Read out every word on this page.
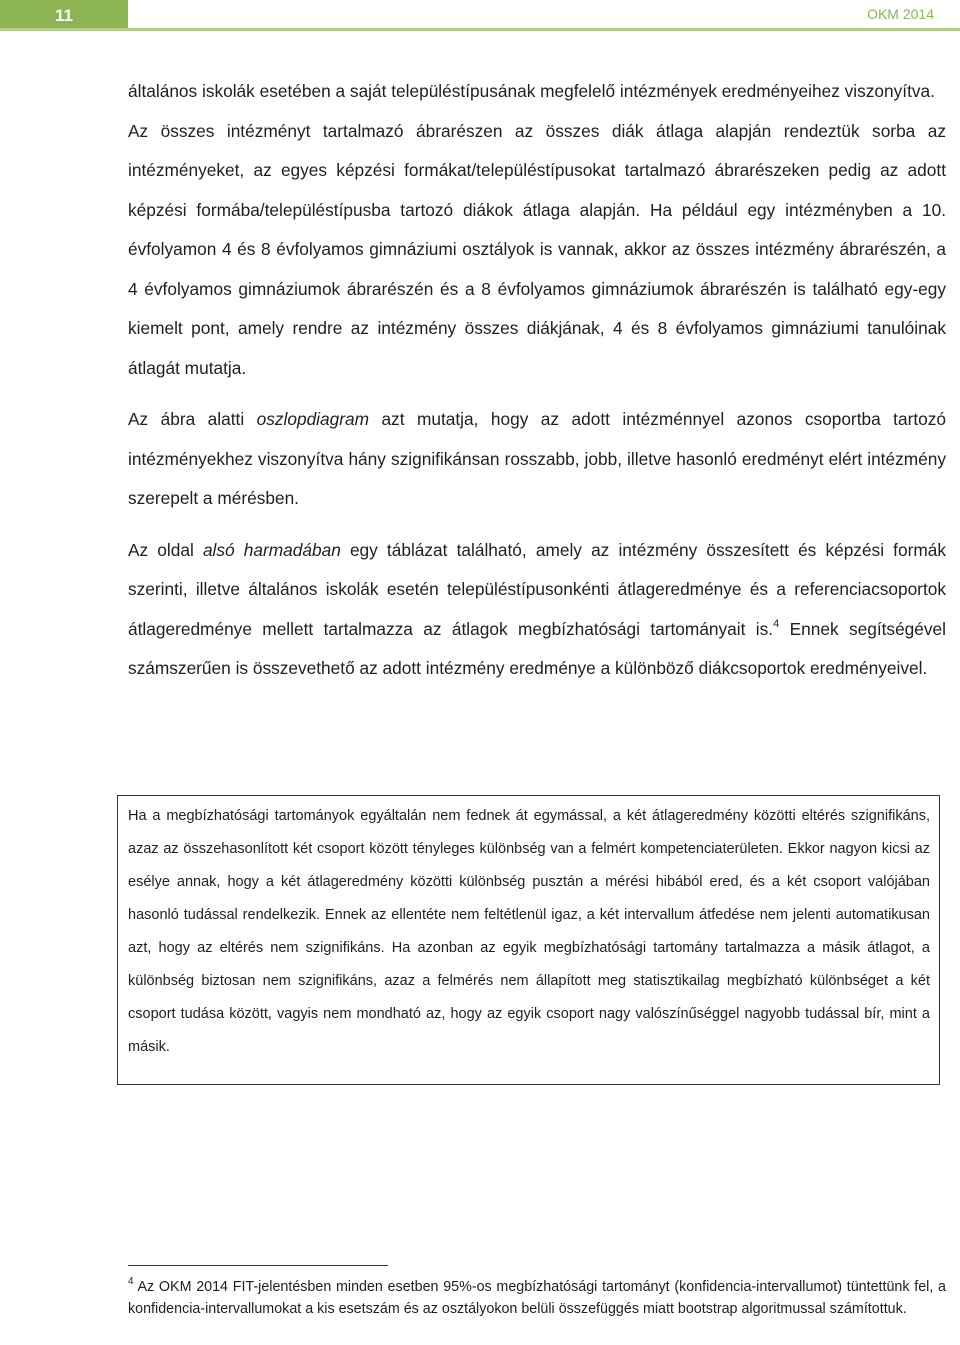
11	OKM 2014

általános iskolák esetében a saját településtípusának megfelelő intézmények eredményeihez viszonyítva.

Az összes intézményt tartalmazó ábrarészen az összes diák átlaga alapján rendeztük sorba az intézményeket, az egyes képzési formákat/településtípusokat tartalmazó ábrarészeken pedig az adott képzési formába/településtípusba tartozó diákok átlaga alapján. Ha például egy intézményben a 10. évfolyamon 4 és 8 évfolyamos gimnáziumi osztályok is vannak, akkor az összes intézmény ábrarészén, a 4 évfolyamos gimnáziumok ábrarészén és a 8 évfolyamos gimnáziumok ábrarészén is található egy-egy kiemelt pont, amely rendre az intézmény összes diákjának, 4 és 8 évfolyamos gimnáziumi tanulóinak átlagát mutatja.

Az ábra alatti oszlopdiagram azt mutatja, hogy az adott intézménnyel azonos csoportba tartozó intézményekhez viszonyítva hány szignifikánsan rosszabb, jobb, illetve hasonló eredményt elért intézmény szerepelt a mérésben.

Az oldal alsó harmadában egy táblázat található, amely az intézmény összesített és képzési formák szerinti, illetve általános iskolák esetén településtípusonkénti átlageredménye és a referenciacsoportok átlageredménye mellett tartalmazza az átlagok megbízhatósági tartományait is.$^4$ Ennek segítségével számszerűen is összevethető az adott intézmény eredménye a különböző diákcsoportok eredményeivel.

Ha a megbízhatósági tartományok egyáltalán nem fednek át egymással, a két átlageredmény közötti eltérés szignifikáns, azaz az összehasonlított két csoport között tényleges különbség van a felmért kompetenciaterületen. Ekkor nagyon kicsi az esélye annak, hogy a két átlageredmény közötti különbség pusztán a mérési hibából ered, és a két csoport valójában hasonló tudással rendelkezik. Ennek az ellentéte nem feltétlenül igaz, a két intervallum átfedése nem jelenti automatikusan azt, hogy az eltérés nem szignifikáns. Ha azonban az egyik megbízhatósági tartomány tartalmazza a másik átlagot, a különbség biztosan nem szignifikáns, azaz a felmérés nem állapított meg statisztikailag megbízható különbséget a két csoport tudása között, vagyis nem mondható az, hogy az egyik csoport nagy valószínűséggel nagyobb tudással bír, mint a másik.

$^4$ Az OKM 2014 FIT-jelentésben minden esetben 95%-os megbízhatósági tartományt (konfidencia-intervallumot) tüntettünk fel, a konfidencia-intervallumokat a kis esetszám és az osztályokon belüli összefüggés miatt bootstrap algoritmussal számítottuk.
